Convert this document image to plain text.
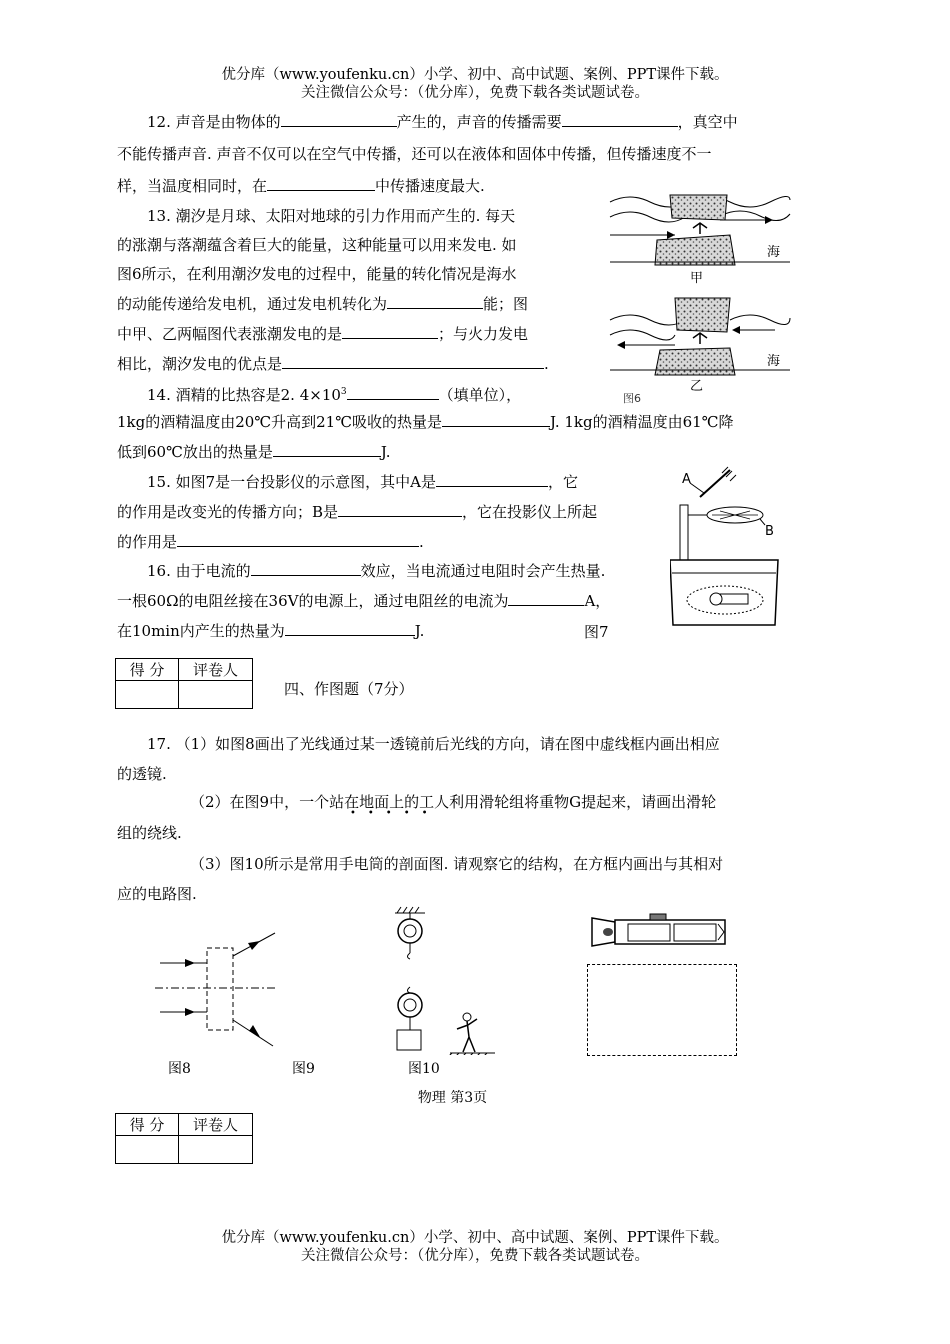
优分库（www.youfenku.cn）小学、初中、高中试题、案例、PPT课件下载。
关注微信公众号：（优分库），免费下载各类试题试卷。
12. 声音是由物体的	产生的，声音的传播需要	，真空中
不能传播声音. 声音不仅可以在空气中传播，还可以在液体和固体中传播，但传播速度不一
样，当温度相同时，在	中传播速度最大.
13. 潮汐是月球、太阳对地球的引力作用而产生的. 每天
的涨潮与落潮蕴含着巨大的能量，这种能量可以用来发电. 如
图6所示，在利用潮汐发电的过程中，能量的转化情况是海水
的动能传递给发电机，通过发电机转化为	能；图
中甲、乙两幅图代表涨潮发电的是	；与火力发电
相比，潮汐发电的优点是	.
海
甲
海
乙
图6
14. 酒精的比热容是2. $4\times 10^3$	（填单位），
1kg的酒精温度由20℃升高到21℃吸收的热量是	J. 1kg的酒精温度由61℃降
低到60℃放出的热量是	J.
15. 如图7是一台投影仪的示意图，其中A是	，它
的作用是改变光的传播方向；B是	，它在投影仪上所起
的作用是	.
16. 由于电流的	效应，当电流通过电阻时会产生热量.
一根60Ω的电阻丝接在36V的电源上，通过电阻丝的电流为	A，
在10min内产生的热量为	J.	图7
A
B
得 分	评卷人

四、作图题（7分）
17. （1）如图8画出了光线通过某一透镜前后光线的方向，请在图中虚线框内画出相应
的透镜.
（2）在图9中，一个站在地面上的工人利用滑轮组将重物G提起来，请画出滑轮
•••••
组的绕线.
（3）图10所示是常用手电筒的剖面图. 请观察它的结构，在方框内画出与其相对
应的电路图.
图8	图9	图10
物理 第3页
得 分	评卷人

优分库（www.youfenku.cn）小学、初中、高中试题、案例、PPT课件下载。
关注微信公众号：（优分库），免费下载各类试题试卷。
